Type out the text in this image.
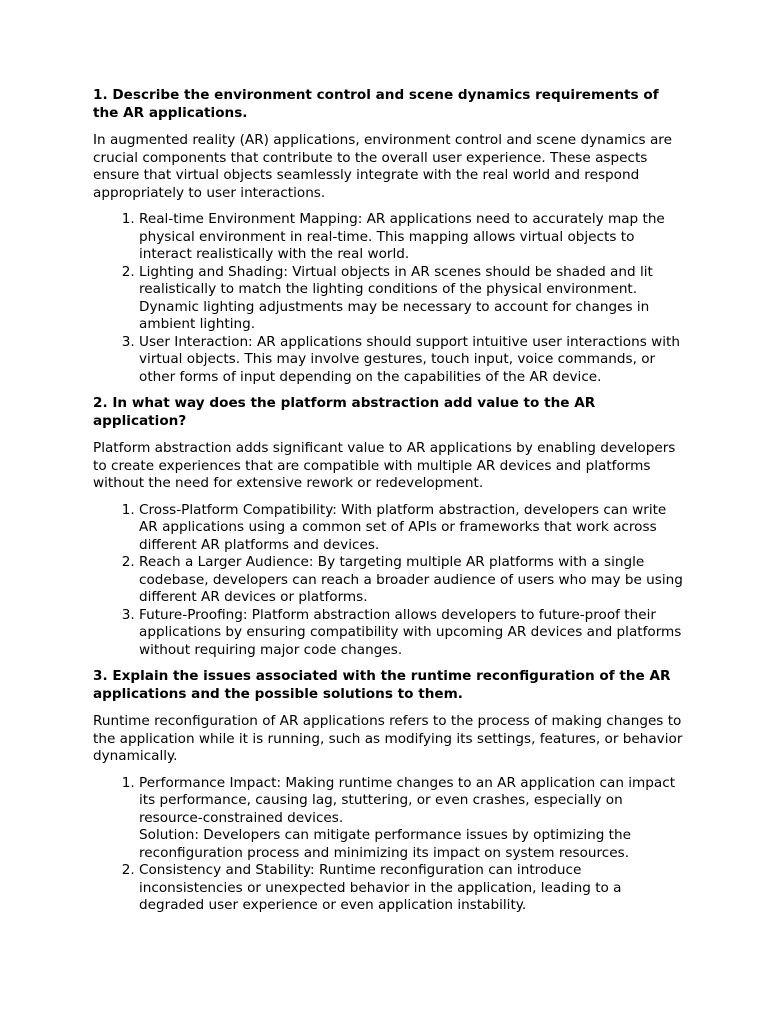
1. Describe the environment control and scene dynamics requirements of the AR applications.
In augmented reality (AR) applications, environment control and scene dynamics are crucial components that contribute to the overall user experience. These aspects ensure that virtual objects seamlessly integrate with the real world and respond appropriately to user interactions.
1. Real-time Environment Mapping: AR applications need to accurately map the physical environment in real-time. This mapping allows virtual objects to interact realistically with the real world.
2. Lighting and Shading: Virtual objects in AR scenes should be shaded and lit realistically to match the lighting conditions of the physical environment. Dynamic lighting adjustments may be necessary to account for changes in ambient lighting.
3. User Interaction: AR applications should support intuitive user interactions with virtual objects. This may involve gestures, touch input, voice commands, or other forms of input depending on the capabilities of the AR device.
2. In what way does the platform abstraction add value to the AR application?
Platform abstraction adds significant value to AR applications by enabling developers to create experiences that are compatible with multiple AR devices and platforms without the need for extensive rework or redevelopment.
1. Cross-Platform Compatibility: With platform abstraction, developers can write AR applications using a common set of APIs or frameworks that work across different AR platforms and devices.
2. Reach a Larger Audience: By targeting multiple AR platforms with a single codebase, developers can reach a broader audience of users who may be using different AR devices or platforms.
3. Future-Proofing: Platform abstraction allows developers to future-proof their applications by ensuring compatibility with upcoming AR devices and platforms without requiring major code changes.
3. Explain the issues associated with the runtime reconfiguration of the AR applications and the possible solutions to them.
Runtime reconfiguration of AR applications refers to the process of making changes to the application while it is running, such as modifying its settings, features, or behavior dynamically.
1. Performance Impact: Making runtime changes to an AR application can impact its performance, causing lag, stuttering, or even crashes, especially on resource-constrained devices.
Solution: Developers can mitigate performance issues by optimizing the reconfiguration process and minimizing its impact on system resources.
2. Consistency and Stability: Runtime reconfiguration can introduce inconsistencies or unexpected behavior in the application, leading to a degraded user experience or even application instability.
